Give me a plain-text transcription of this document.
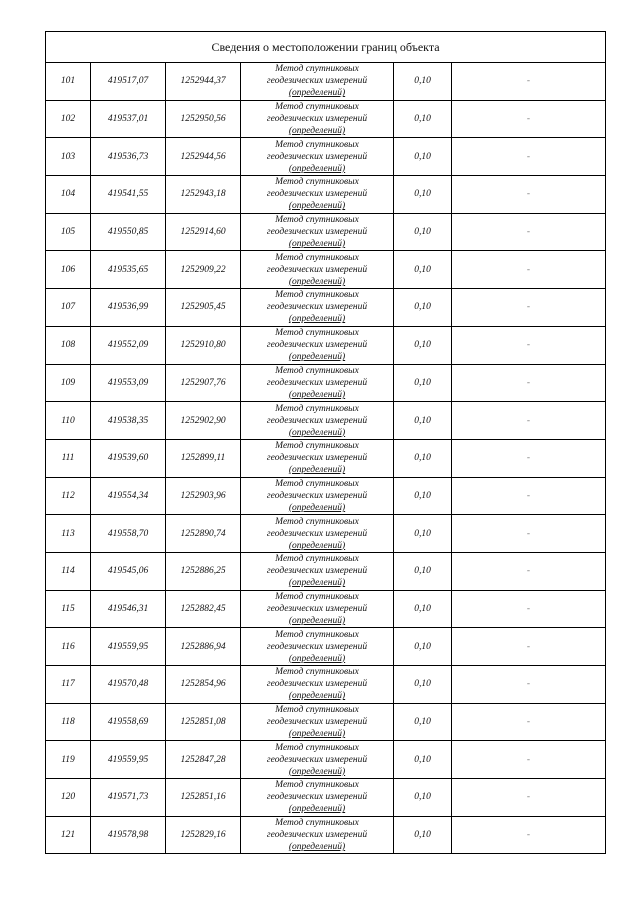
Сведения о местоположении границ объекта					
101	419517,07	1252944,37	Метод спутниковых
геодезических измерений
(определений)	0,10	-
102	419537,01	1252950,56	Метод спутниковых
геодезических измерений
(определений)	0,10	-
103	419536,73	1252944,56	Метод спутниковых
геодезических измерений
(определений)	0,10	-
104	419541,55	1252943,18	Метод спутниковых
геодезических измерений
(определений)	0,10	-
105	419550,85	1252914,60	Метод спутниковых
геодезических измерений
(определений)	0,10	-
106	419535,65	1252909,22	Метод спутниковых
геодезических измерений
(определений)	0,10	-
107	419536,99	1252905,45	Метод спутниковых
геодезических измерений
(определений)	0,10	-
108	419552,09	1252910,80	Метод спутниковых
геодезических измерений
(определений)	0,10	-
109	419553,09	1252907,76	Метод спутниковых
геодезических измерений
(определений)	0,10	-
110	419538,35	1252902,90	Метод спутниковых
геодезических измерений
(определений)	0,10	-
111	419539,60	1252899,11	Метод спутниковых
геодезических измерений
(определений)	0,10	-
112	419554,34	1252903,96	Метод спутниковых
геодезических измерений
(определений)	0,10	-
113	419558,70	1252890,74	Метод спутниковых
геодезических измерений
(определений)	0,10	-
114	419545,06	1252886,25	Метод спутниковых
геодезических измерений
(определений)	0,10	-
115	419546,31	1252882,45	Метод спутниковых
геодезических измерений
(определений)	0,10	-
116	419559,95	1252886,94	Метод спутниковых
геодезических измерений
(определений)	0,10	-
117	419570,48	1252854,96	Метод спутниковых
геодезических измерений
(определений)	0,10	-
118	419558,69	1252851,08	Метод спутниковых
геодезических измерений
(определений)	0,10	-
119	419559,95	1252847,28	Метод спутниковых
геодезических измерений
(определений)	0,10	-
120	419571,73	1252851,16	Метод спутниковых
геодезических измерений
(определений)	0,10	-
121	419578,98	1252829,16	Метод спутниковых
геодезических измерений
(определений)	0,10	-
